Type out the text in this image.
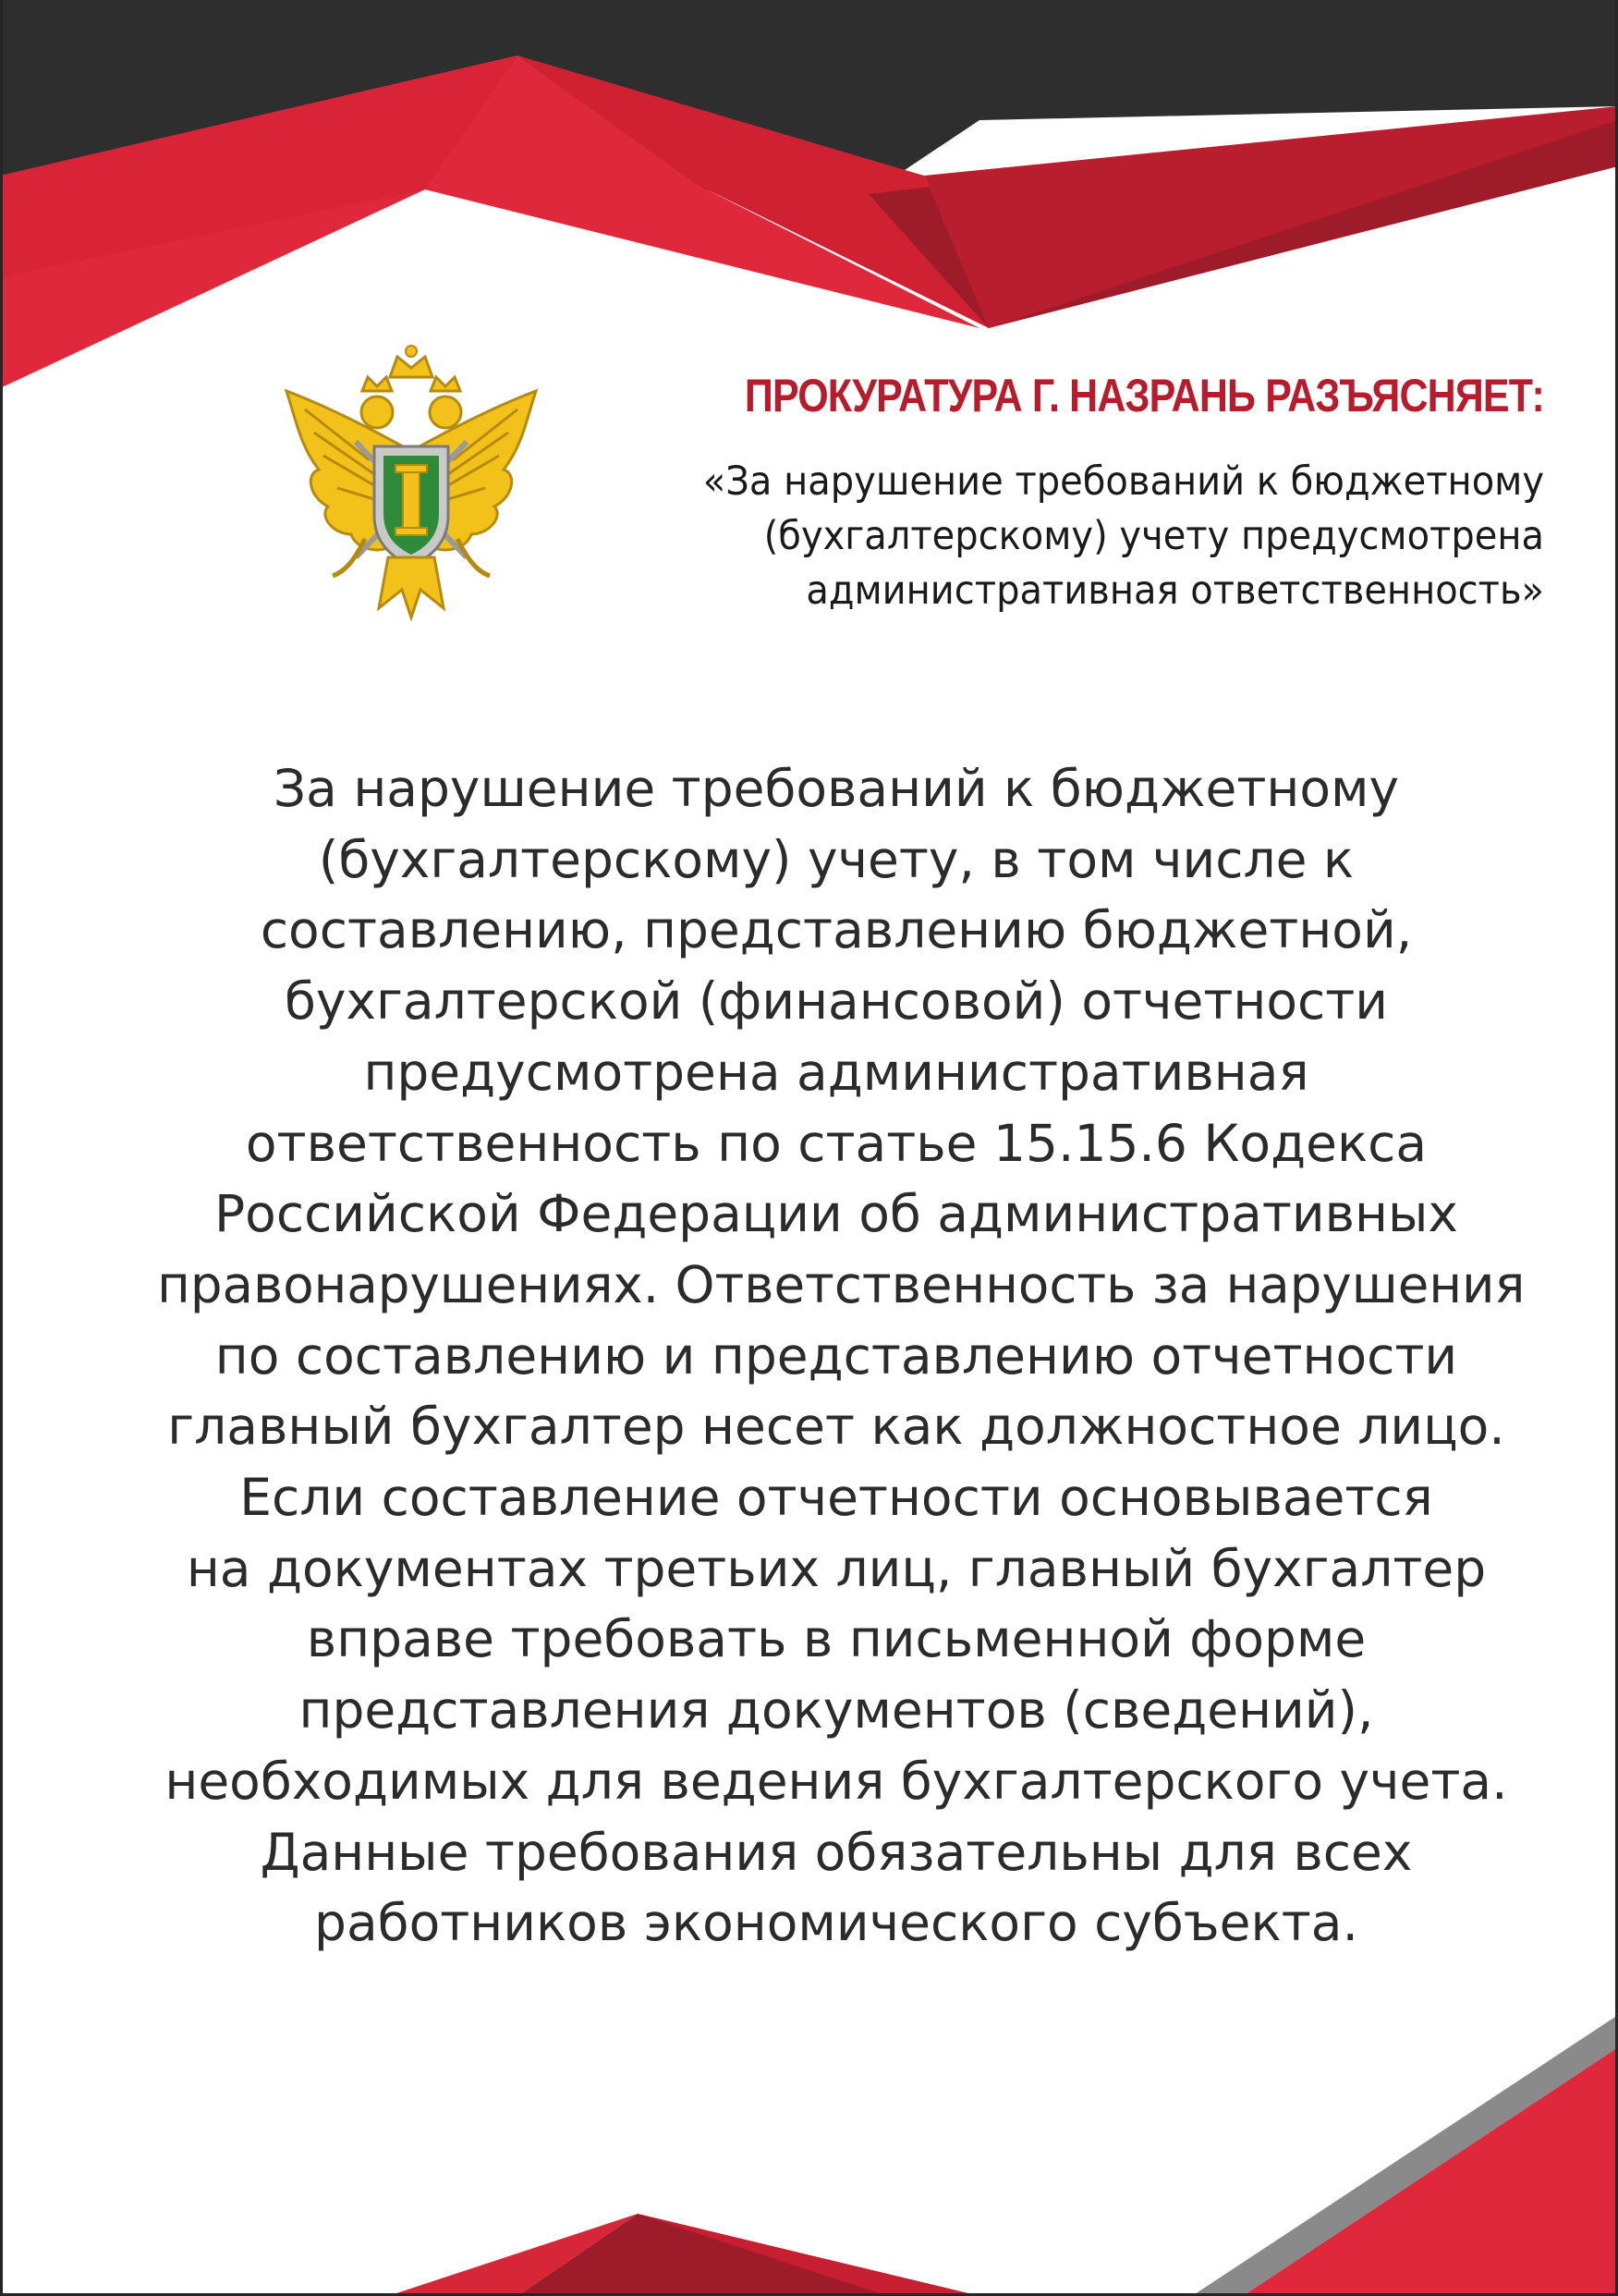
ПРОКУРАТУРА Г. НАЗРАНЬ РАЗЪЯСНЯЕТ:
«За нарушение требований к бюджетному
(бухгалтерскому) учету предусмотрена
административная ответственность»
За нарушение требований к бюджетному
(бухгалтерскому) учету, в том числе к
составлению, представлению бюджетной,
бухгалтерской (финансовой) отчетности
предусмотрена административная
ответственность по статье 15.15.6 Кодекса
Российской Федерации об административных
правонарушениях. Ответственность за нарушения
по составлению и представлению отчетности
главный бухгалтер несет как должностное лицо.
Если составление отчетности основывается
на документах третьих лиц, главный бухгалтер
вправе требовать в письменной форме
представления документов (сведений),
необходимых для ведения бухгалтерского учета.
Данные требования обязательны для всех
работников экономического субъекта.
